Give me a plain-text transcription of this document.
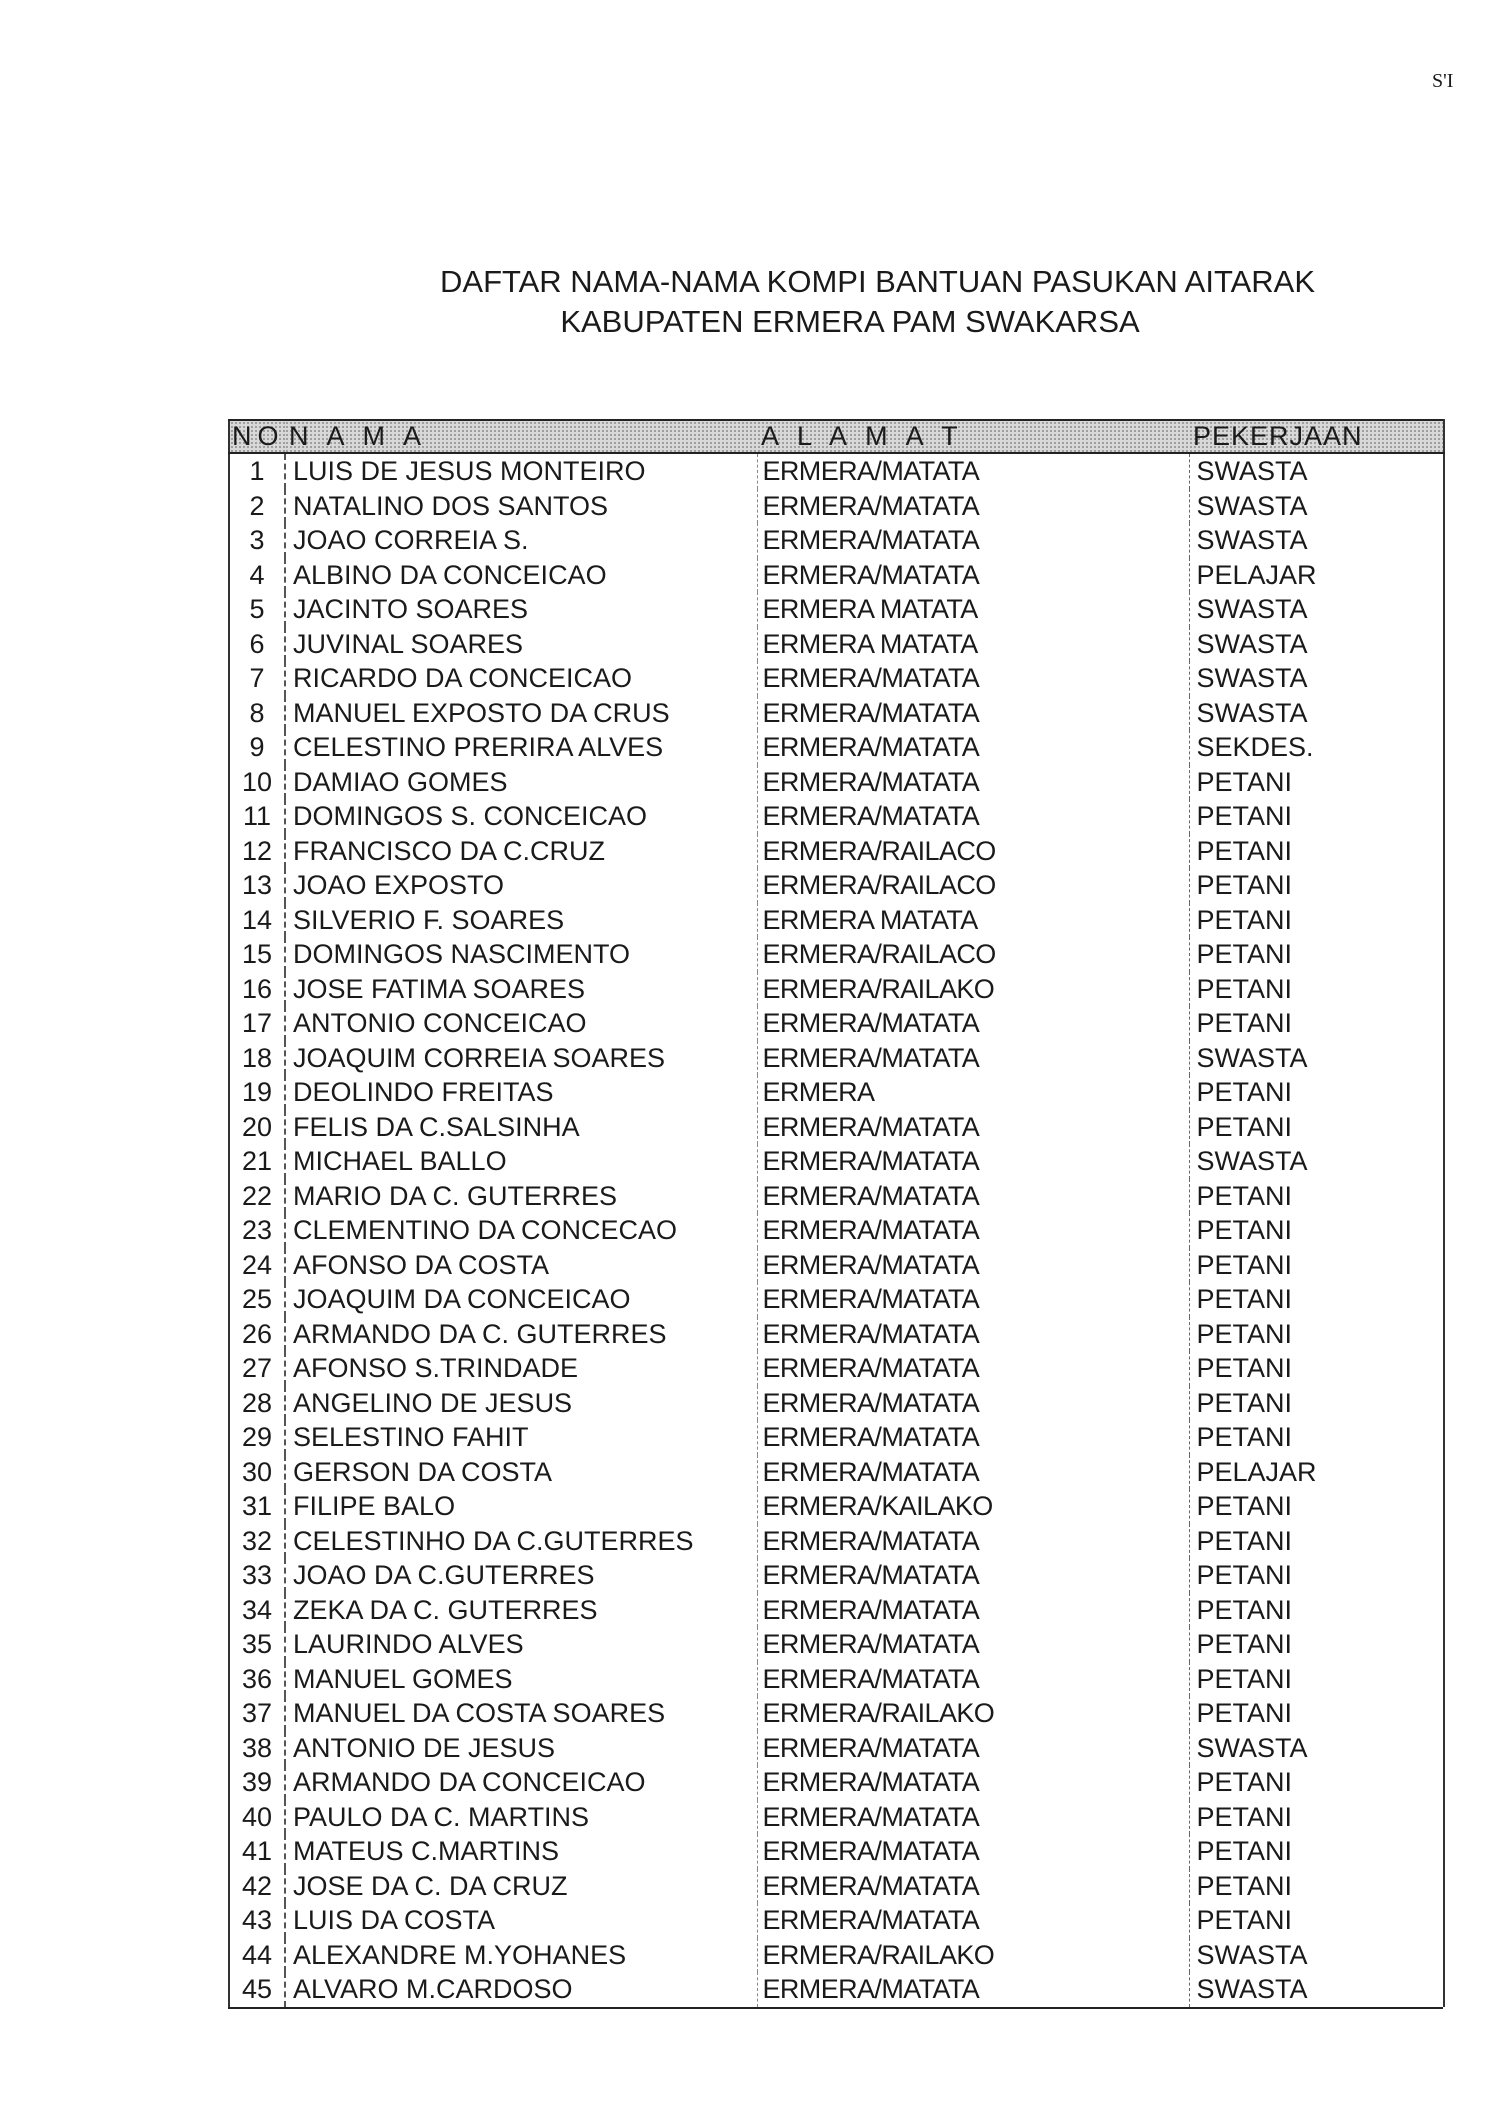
S'I
DAFTAR NAMA-NAMA KOMPI BANTUAN PASUKAN AITARAK
KABUPATEN ERMERA PAM SWAKARSA
NO	N A M A	A L A M A T	PEKERJAAN
1	LUIS DE JESUS MONTEIRO	ERMERA/MATATA	SWASTA
2	NATALINO DOS SANTOS	ERMERA/MATATA	SWASTA
3	JOAO CORREIA S.	ERMERA/MATATA	SWASTA
4	ALBINO DA CONCEICAO	ERMERA/MATATA	PELAJAR
5	JACINTO SOARES	ERMERA MATATA	SWASTA
6	JUVINAL SOARES	ERMERA MATATA	SWASTA
7	RICARDO DA CONCEICAO	ERMERA/MATATA	SWASTA
8	MANUEL EXPOSTO DA CRUS	ERMERA/MATATA	SWASTA
9	CELESTINO PRERIRA ALVES	ERMERA/MATATA	SEKDES.
10	DAMIAO GOMES	ERMERA/MATATA	PETANI
11	DOMINGOS S. CONCEICAO	ERMERA/MATATA	PETANI
12	FRANCISCO DA C.CRUZ	ERMERA/RAILACO	PETANI
13	JOAO EXPOSTO	ERMERA/RAILACO	PETANI
14	SILVERIO F. SOARES	ERMERA MATATA	PETANI
15	DOMINGOS NASCIMENTO	ERMERA/RAILACO	PETANI
16	JOSE FATIMA SOARES	ERMERA/RAILAKO	PETANI
17	ANTONIO CONCEICAO	ERMERA/MATATA	PETANI
18	JOAQUIM CORREIA SOARES	ERMERA/MATATA	SWASTA
19	DEOLINDO FREITAS	ERMERA	PETANI
20	FELIS DA C.SALSINHA	ERMERA/MATATA	PETANI
21	MICHAEL BALLO	ERMERA/MATATA	SWASTA
22	MARIO DA C. GUTERRES	ERMERA/MATATA	PETANI
23	CLEMENTINO DA CONCECAO	ERMERA/MATATA	PETANI
24	AFONSO DA COSTA	ERMERA/MATATA	PETANI
25	JOAQUIM DA CONCEICAO	ERMERA/MATATA	PETANI
26	ARMANDO DA C. GUTERRES	ERMERA/MATATA	PETANI
27	AFONSO S.TRINDADE	ERMERA/MATATA	PETANI
28	ANGELINO DE JESUS	ERMERA/MATATA	PETANI
29	SELESTINO FAHIT	ERMERA/MATATA	PETANI
30	GERSON DA COSTA	ERMERA/MATATA	PELAJAR
31	FILIPE BALO	ERMERA/KAILAKO	PETANI
32	CELESTINHO DA C.GUTERRES	ERMERA/MATATA	PETANI
33	JOAO DA C.GUTERRES	ERMERA/MATATA	PETANI
34	ZEKA DA C. GUTERRES	ERMERA/MATATA	PETANI
35	LAURINDO ALVES	ERMERA/MATATA	PETANI
36	MANUEL GOMES	ERMERA/MATATA	PETANI
37	MANUEL DA COSTA SOARES	ERMERA/RAILAKO	PETANI
38	ANTONIO DE JESUS	ERMERA/MATATA	SWASTA
39	ARMANDO DA CONCEICAO	ERMERA/MATATA	PETANI
40	PAULO DA C. MARTINS	ERMERA/MATATA	PETANI
41	MATEUS C.MARTINS	ERMERA/MATATA	PETANI
42	JOSE DA C. DA CRUZ	ERMERA/MATATA	PETANI
43	LUIS DA COSTA	ERMERA/MATATA	PETANI
44	ALEXANDRE M.YOHANES	ERMERA/RAILAKO	SWASTA
45	ALVARO M.CARDOSO	ERMERA/MATATA	SWASTA
